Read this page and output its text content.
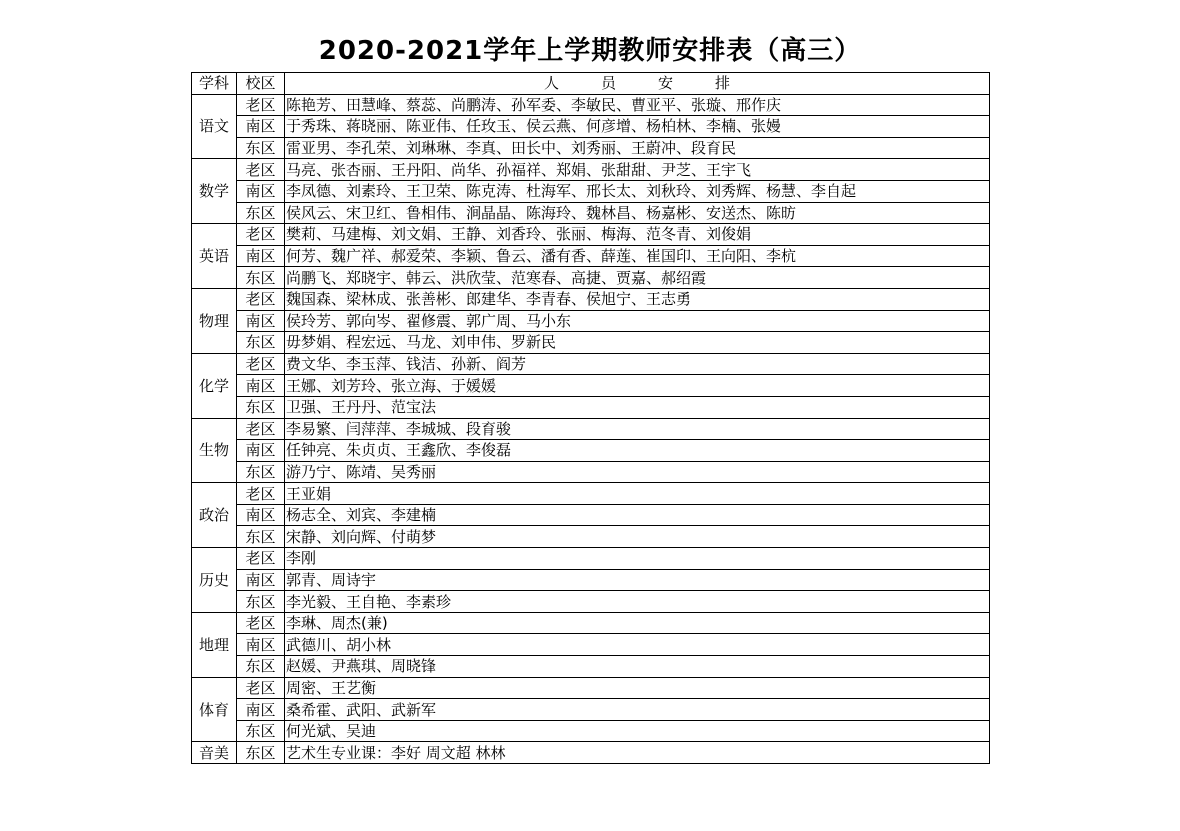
2020-2021学年上学期教师安排表（高三）
学科	校区	人员安排
语文	老区	陈艳芳、田慧峰、蔡蕊、尚鹏涛、孙军委、李敏民、曹亚平、张璇、邢作庆
	南区	于秀珠、蒋晓丽、陈亚伟、任玫玉、侯云燕、何彦增、杨柏林、李楠、张嫚
	东区	雷亚男、李孔荣、刘琳琳、李真、田长中、刘秀丽、王蔚冲、段育民
数学	老区	马亮、张杏丽、王丹阳、尚华、孙福祥、郑娟、张甜甜、尹芝、王宇飞
	南区	李凤德、刘素玲、王卫荣、陈克涛、杜海军、邢长太、刘秋玲、刘秀辉、杨慧、李自起
	东区	侯风云、宋卫红、鲁相伟、涧晶晶、陈海玲、魏林昌、杨嘉彬、安送杰、陈昉
英语	老区	樊莉、马建梅、刘文娟、王静、刘香玲、张丽、梅海、范冬青、刘俊娟
	南区	何芳、魏广祥、郝爱荣、李颖、鲁云、潘有香、薛莲、崔国印、王向阳、李杭
	东区	尚鹏飞、郑晓宇、韩云、洪欣莹、范寒春、高捷、贾嘉、郝绍霞
物理	老区	魏国森、梁林成、张善彬、郎建华、李青春、侯旭宁、王志勇
	南区	侯玲芳、郭向岑、翟修震、郭广周、马小东
	东区	毋梦娟、程宏远、马龙、刘申伟、罗新民
化学	老区	费文华、李玉萍、钱洁、孙新、阎芳
	南区	王娜、刘芳玲、张立海、于媛媛
	东区	卫强、王丹丹、范宝法
生物	老区	李易繁、闫萍萍、李城城、段育骏
	南区	任钟亮、朱贞贞、王鑫欣、李俊磊
	东区	游乃宁、陈靖、吴秀丽
政治	老区	王亚娟
	南区	杨志全、刘宾、李建楠
	东区	宋静、刘向辉、付萌梦
历史	老区	李刚
	南区	郭青、周诗宇
	东区	李光毅、王自艳、李素珍
地理	老区	李琳、周杰(兼)
	南区	武德川、胡小林
	东区	赵媛、尹燕琪、周晓锋
体育	老区	周密、王艺衡
	南区	桑希霍、武阳、武新军
	东区	何光斌、吴迪
音美	东区	艺术生专业课：李好 周文超 林林
